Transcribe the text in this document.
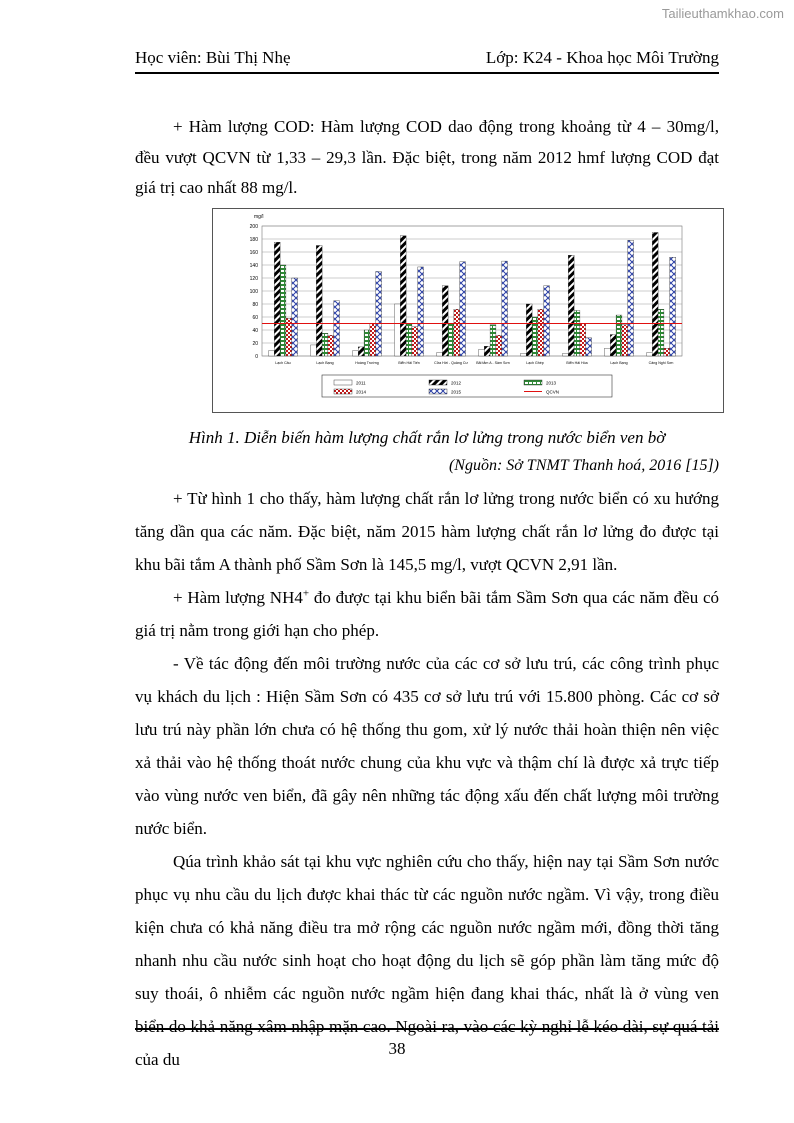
Tailieuthamkhao.com
Học viên: Bùi Thị Nhẹ	Lớp: K24 - Khoa học Môi Trường

+ Hàm lượng COD: Hàm lượng COD dao động trong khoảng từ 4 – 30mg/l, đều vượt QCVN từ 1,33 – 29,3 lần. Đặc biệt, trong năm 2012 hmf lượng COD đạt giá trị cao nhất 88 mg/l.

mg/l
0
20
40
60
80
100
120
140
160
180
200
Lạch Câu	Lạch Bạng	Hoàng Trường	Biển Hải Tiến	Cửa Hới - Quảng Cư Bãi tắm A - Sầm Sơn	Lạch Ghép	Biển Hải Hòa	Lạch Bạng	Cảng Nghi Sơn
2011	2012	2013
2014	2015	QCVN
Hình 1. Diễn biến hàm lượng chất rắn lơ lửng trong nước biển ven bờ
(Nguồn: Sở TNMT Thanh hoá, 2016 [15])

+ Từ hình 1 cho thấy, hàm lượng chất rắn lơ lửng trong nước biển có xu hướng tăng dần qua các năm. Đặc biệt, năm 2015 hàm lượng chất rắn lơ lửng đo được tại khu bãi tắm A thành phố Sầm Sơn là 145,5 mg/l, vượt QCVN 2,91 lần.

+ Hàm lượng NH4+ đo được tại khu biển bãi tắm Sầm Sơn qua các năm đều có giá trị nằm trong giới hạn cho phép.

- Về tác động đến môi trường nước của các cơ sở lưu trú, các công trình phục vụ khách du lịch : Hiện Sầm Sơn có 435 cơ sở lưu trú với 15.800 phòng. Các cơ sở lưu trú này phần lớn chưa có hệ thống thu gom, xử lý nước thải hoàn thiện nên việc xả thải vào hệ thống thoát nước chung của khu vực và thậm chí là được xả trực tiếp vào vùng nước ven biển, đã gây nên những tác động xấu đến chất lượng môi trường nước biển.

Qúa trình khảo sát tại khu vực nghiên cứu cho thấy, hiện nay tại Sầm Sơn nước phục vụ nhu cầu du lịch được khai thác từ các nguồn nước ngầm. Vì vậy, trong điều kiện chưa có khả năng điều tra mở rộng các nguồn nước ngầm mới, đồng thời tăng nhanh nhu cầu nước sinh hoạt cho hoạt động du lịch sẽ góp phần làm tăng mức độ suy thoái, ô nhiễm các nguồn nước ngầm hiện đang khai thác, nhất là ở vùng ven biển do khả năng xâm nhập mặn cao. Ngoài ra, vào các kỳ nghỉ lễ kéo dài, sự quá tải của du

38
